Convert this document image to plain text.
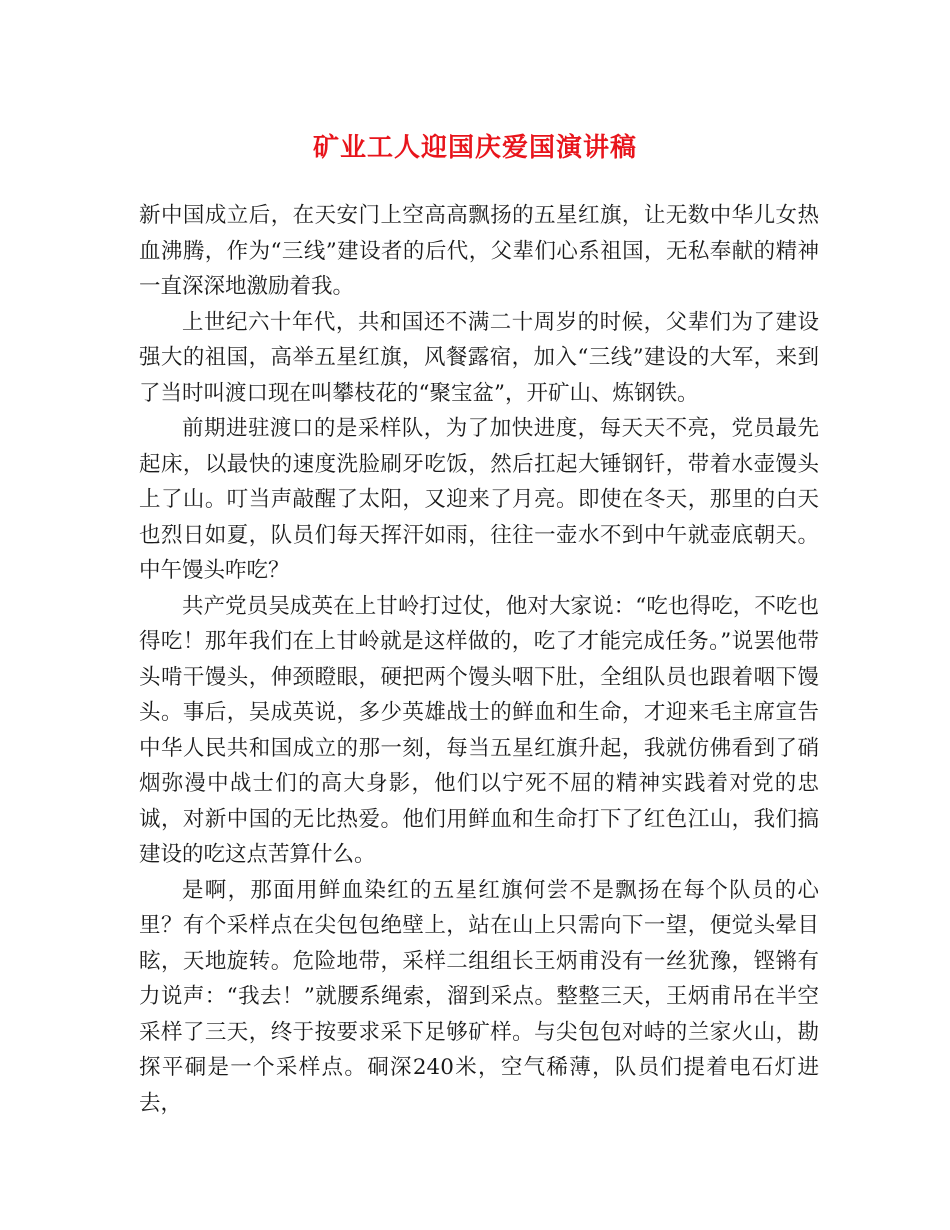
矿业工人迎国庆爱国演讲稿

新中国成立后，在天安门上空高高飘扬的五星红旗，让无数中华儿女热血沸腾，作为“三线”建设者的后代，父辈们心系祖国，无私奉献的精神一直深深地激励着我。

上世纪六十年代，共和国还不满二十周岁的时候，父辈们为了建设强大的祖国，高举五星红旗，风餐露宿，加入“三线”建设的大军，来到了当时叫渡口现在叫攀枝花的“聚宝盆”，开矿山、炼钢铁。

前期进驻渡口的是采样队，为了加快进度，每天天不亮，党员最先起床，以最快的速度洗脸刷牙吃饭，然后扛起大锤钢钎，带着水壶馒头上了山。叮当声敲醒了太阳，又迎来了月亮。即使在冬天，那里的白天也烈日如夏，队员们每天挥汗如雨，往往一壶水不到中午就壶底朝天。中午馒头咋吃？

共产党员吴成英在上甘岭打过仗，他对大家说：“吃也得吃，不吃也得吃！那年我们在上甘岭就是这样做的，吃了才能完成任务。”说罢他带头啃干馒头，伸颈瞪眼，硬把两个馒头咽下肚，全组队员也跟着咽下馒头。事后，吴成英说，多少英雄战士的鲜血和生命，才迎来毛主席宣告中华人民共和国成立的那一刻，每当五星红旗升起，我就仿佛看到了硝烟弥漫中战士们的高大身影，他们以宁死不屈的精神实践着对党的忠诚，对新中国的无比热爱。他们用鲜血和生命打下了红色江山，我们搞建设的吃这点苦算什么。

是啊，那面用鲜血染红的五星红旗何尝不是飘扬在每个队员的心里？有个采样点在尖包包绝壁上，站在山上只需向下一望，便觉头晕目眩，天地旋转。危险地带，采样二组组长王炳甫没有一丝犹豫，铿锵有力说声：“我去！”就腰系绳索，溜到采点。整整三天，王炳甫吊在半空采样了三天，终于按要求采下足够矿样。与尖包包对峙的兰家火山，勘探平硐是一个采样点。硐深240米，空气稀薄，队员们提着电石灯进去，
